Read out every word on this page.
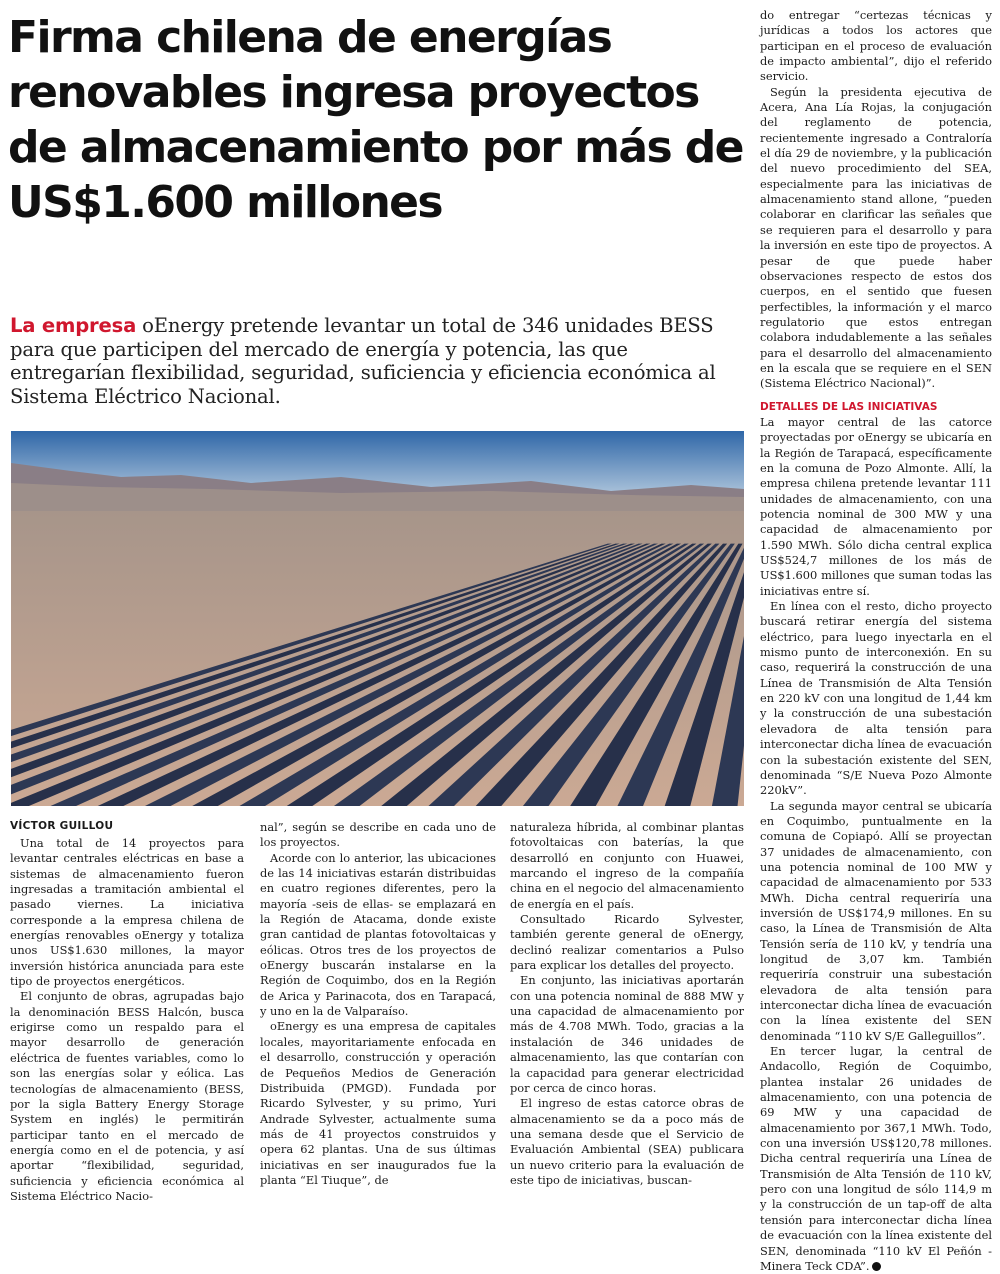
Firma chilena de energías renovables ingresa proyectos de almacenamiento por más de US$1.600 millones

La empresa oEnergy pretende levantar un total de 346 unidades BESS para que participen del mercado de energía y potencia, las que entregarían flexibilidad, seguridad, suficiencia y eficiencia económica al Sistema Eléctrico Nacional.

VÍCTOR GUILLOU

Una total de 14 proyectos para levantar centrales eléctricas en base a sistemas de almacenamiento fueron ingresadas a tramitación ambiental el pasado viernes. La iniciativa corresponde a la empresa chilena de energías renovables oEnergy y totaliza unos US$1.630 millones, la mayor inversión histórica anunciada para este tipo de proyectos energéticos.

El conjunto de obras, agrupadas bajo la denominación BESS Halcón, busca erigirse como un respaldo para el mayor desarrollo de generación eléctrica de fuentes variables, como lo son las energías solar y eólica. Las tecnologías de almacenamiento (BESS, por la sigla Battery Energy Storage System en inglés) le permitirán participar tanto en el mercado de energía como en el de potencia, y así aportar “flexibilidad, seguridad, suficiencia y eficiencia económica al Sistema Eléctrico Nacio-

nal”, según se describe en cada uno de los proyectos.

Acorde con lo anterior, las ubicaciones de las 14 iniciativas estarán distribuidas en cuatro regiones diferentes, pero la mayoría -seis de ellas- se emplazará en la Región de Atacama, donde existe gran cantidad de plantas fotovoltaicas y eólicas. Otros tres de los proyectos de oEnergy buscarán instalarse en la Región de Coquimbo, dos en la Región de Arica y Parinacota, dos en Tarapacá, y uno en la de Valparaíso.

oEnergy es una empresa de capitales locales, mayoritariamente enfocada en el desarrollo, construcción y operación de Pequeños Medios de Generación Distribuida (PMGD). Fundada por Ricardo Sylvester, y su primo, Yuri Andrade Sylvester, actualmente suma más de 41 proyectos construidos y opera 62 plantas. Una de sus últimas iniciativas en ser inaugurados fue la planta “El Tiuque”, de

naturaleza híbrida, al combinar plantas fotovoltaicas con baterías, la que desarrolló en conjunto con Huawei, marcando el ingreso de la compañía china en el negocio del almacenamiento de energía en el país.

Consultado Ricardo Sylvester, también gerente general de oEnergy, declinó realizar comentarios a Pulso para explicar los detalles del proyecto.

En conjunto, las iniciativas aportarán con una potencia nominal de 888 MW y una capacidad de almacenamiento por más de 4.708 MWh. Todo, gracias a la instalación de 346 unidades de almacenamiento, las que contarían con la capacidad para generar electricidad por cerca de cinco horas.

El ingreso de estas catorce obras de almacenamiento se da a poco más de una semana desde que el Servicio de Evaluación Ambiental (SEA) publicara un nuevo criterio para la evaluación de este tipo de iniciativas, buscan-

do entregar “certezas técnicas y jurídicas a todos los actores que participan en el proceso de evaluación de impacto ambiental”, dijo el referido servicio.

Según la presidenta ejecutiva de Acera, Ana Lía Rojas, la conjugación del reglamento de potencia, recientemente ingresado a Contraloría el día 29 de noviembre, y la publicación del nuevo procedimiento del SEA, especialmente para las iniciativas de almacenamiento stand allone, “pueden colaborar en clarificar las señales que se requieren para el desarrollo y para la inversión en este tipo de proyectos. A pesar de que puede haber observaciones respecto de estos dos cuerpos, en el sentido que fuesen perfectibles, la información y el marco regulatorio que estos entregan colabora indudablemente a las señales para el desarrollo del almacenamiento en la escala que se requiere en el SEN (Sistema Eléctrico Nacional)”.

DETALLES DE LAS INICIATIVAS

La mayor central de las catorce proyectadas por oEnergy se ubicaría en la Región de Tarapacá, específicamente en la comuna de Pozo Almonte. Allí, la empresa chilena pretende levantar 111 unidades de almacenamiento, con una potencia nominal de 300 MW y una capacidad de almacenamiento por 1.590 MWh. Sólo dicha central explica US$524,7 millones de los más de US$1.600 millones que suman todas las iniciativas entre sí.

En línea con el resto, dicho proyecto buscará retirar energía del sistema eléctrico, para luego inyectarla en el mismo punto de interconexión. En su caso, requerirá la construcción de una Línea de Transmisión de Alta Tensión en 220 kV con una longitud de 1,44 km y la construcción de una subestación elevadora de alta tensión para interconectar dicha línea de evacuación con la subestación existente del SEN, denominada “S/E Nueva Pozo Almonte 220kV”.

La segunda mayor central se ubicaría en Coquimbo, puntualmente en la comuna de Copiapó. Allí se proyectan 37 unidades de almacenamiento, con una potencia nominal de 100 MW y capacidad de almacenamiento por 533 MWh. Dicha central requeriría una inversión de US$174,9 millones. En su caso, la Línea de Transmisión de Alta Tensión sería de 110 kV, y tendría una longitud de 3,07 km. También requeriría construir una subestación elevadora de alta tensión para interconectar dicha línea de evacuación con la línea existente del SEN denominada “110 kV S/E Galleguillos”.

En tercer lugar, la central de Andacollo, Región de Coquimbo, plantea instalar 26 unidades de almacenamiento, con una potencia de 69 MW y una capacidad de almacenamiento por 367,1 MWh. Todo, con una inversión US$120,78 millones. Dicha central requeriría una Línea de Transmisión de Alta Tensión de 110 kV, pero con una longitud de sólo 114,9 m y la construcción de un tap-off de alta tensión para interconectar dicha línea de evacuación con la línea existente del SEN, denominada “110 kV El Peñón - Minera Teck CDA”.
